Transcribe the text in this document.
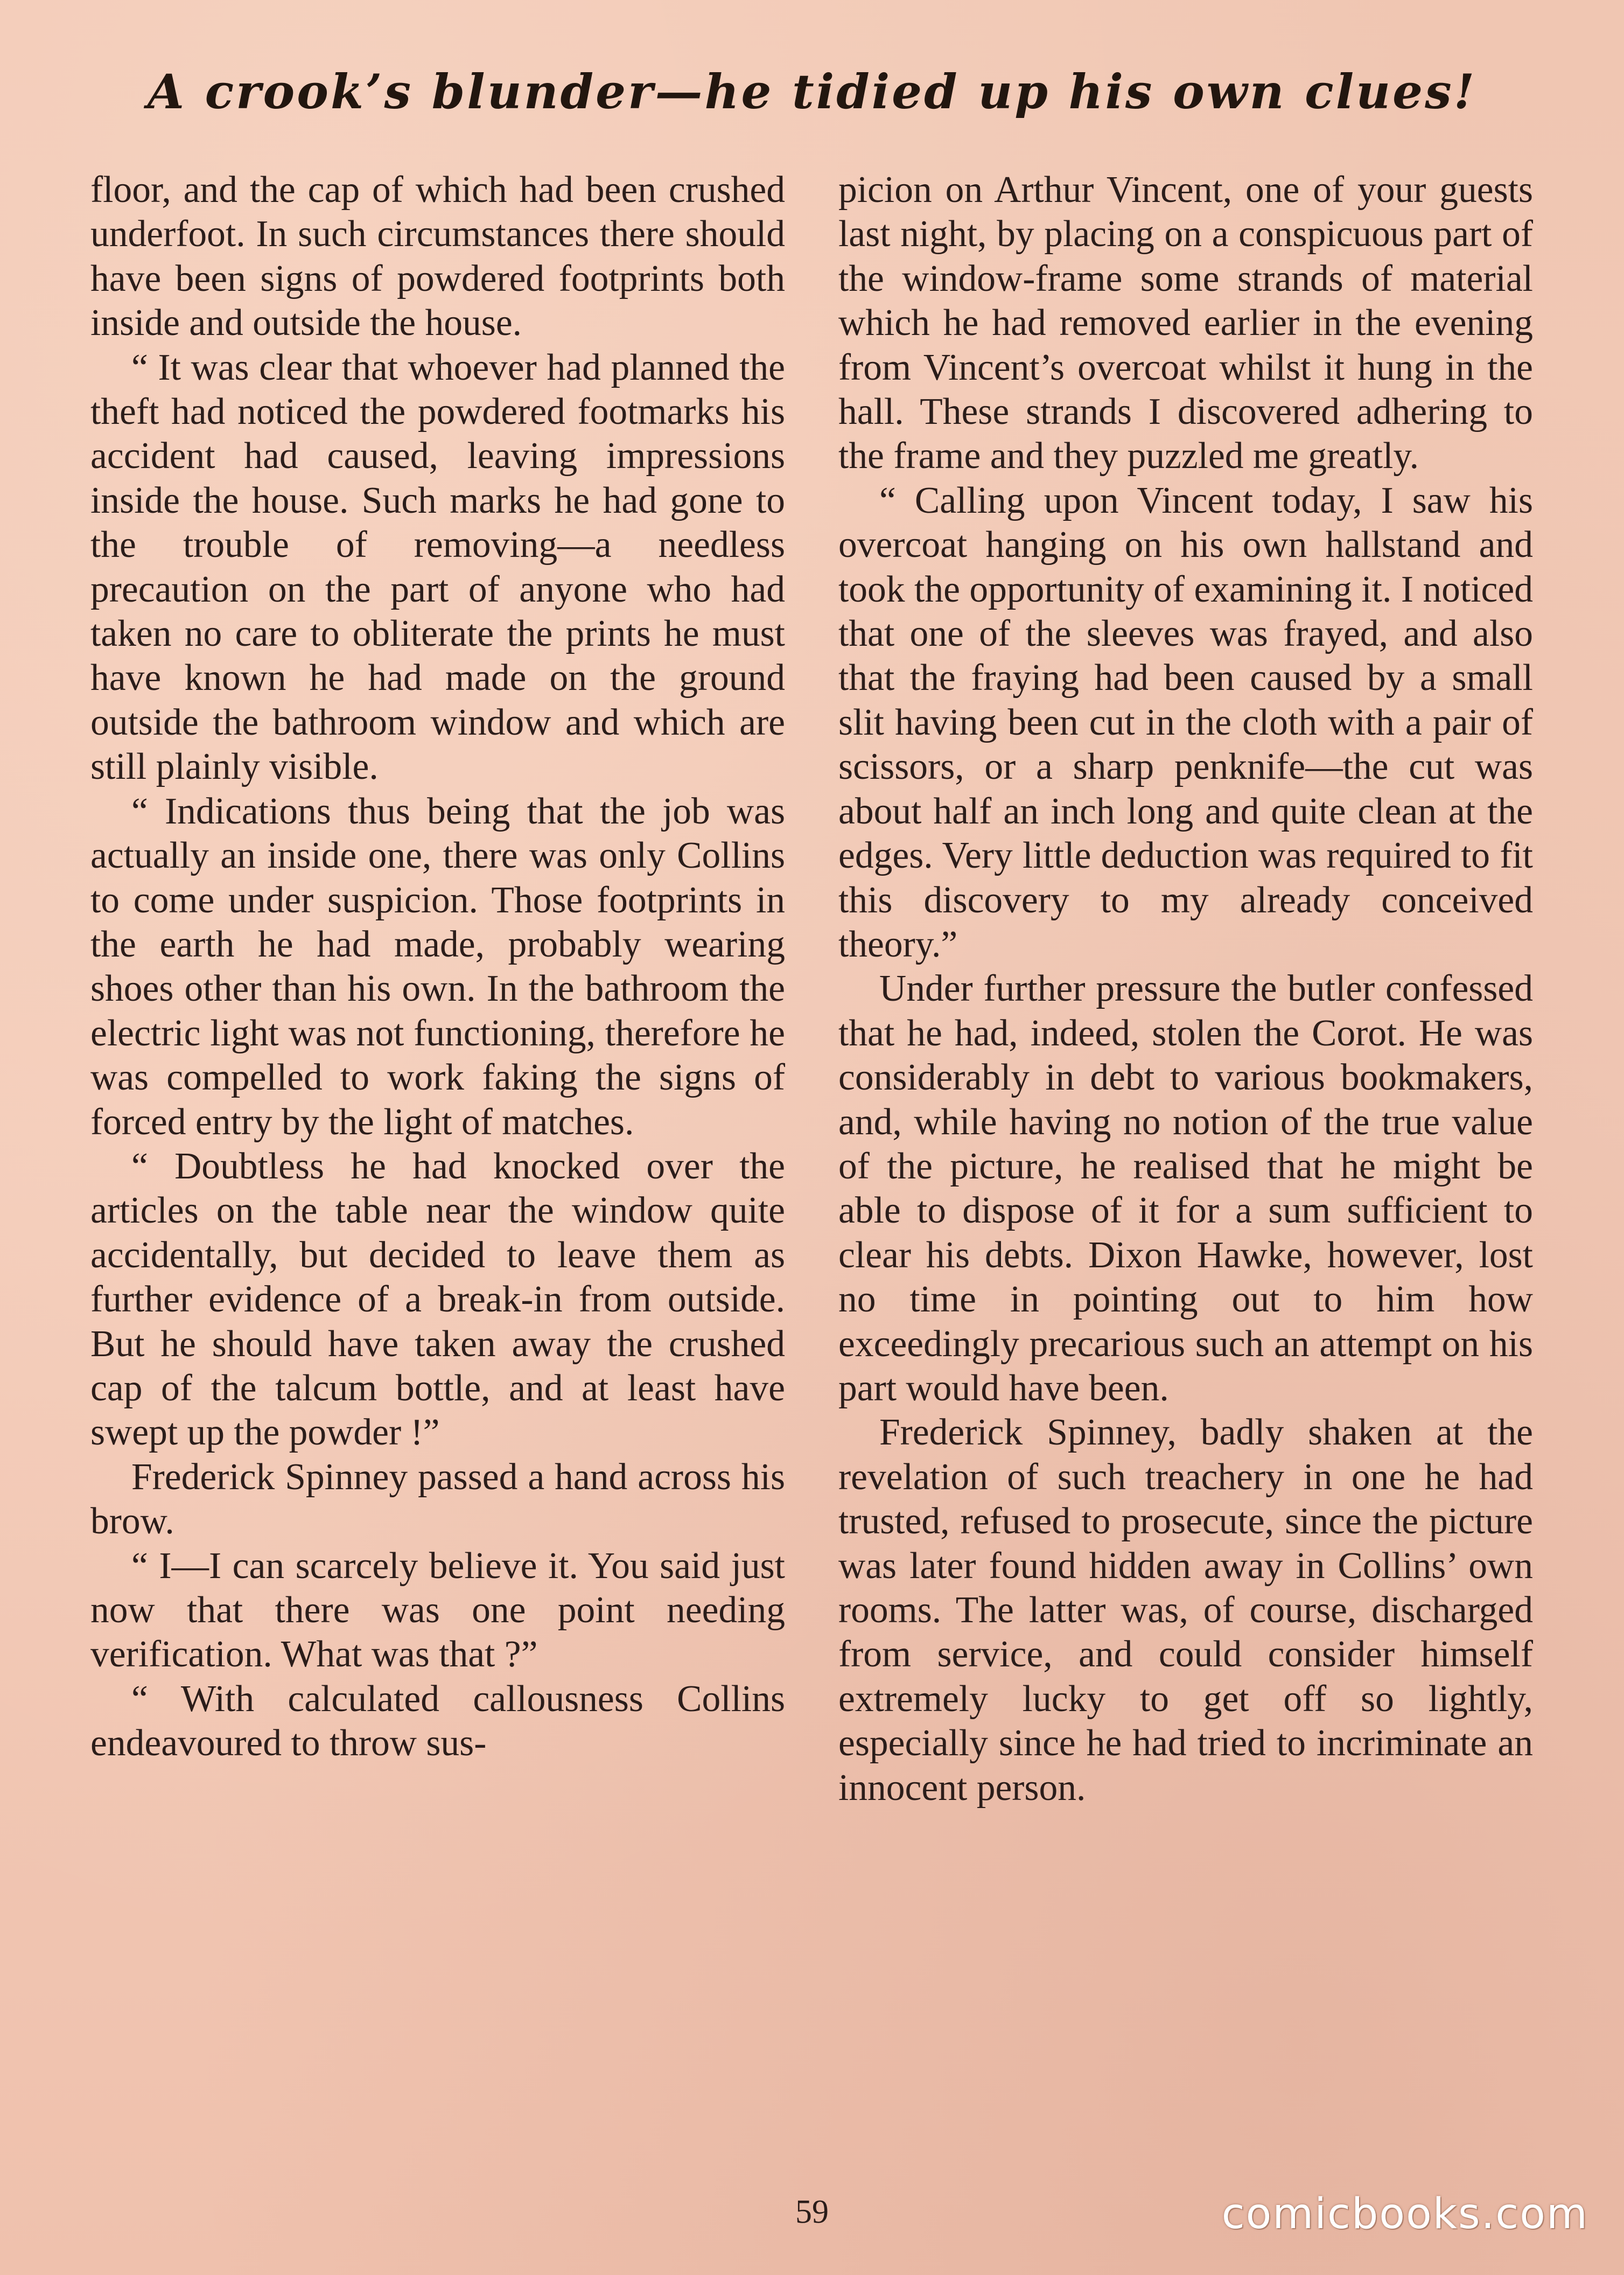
A crook’s blunder—he tidied up his own clues!

floor, and the cap of which had been crushed underfoot. In such circumstances there should have been signs of powdered footprints both inside and outside the house.

“ It was clear that whoever had planned the theft had noticed the powdered footmarks his accident had caused, leaving impressions inside the house. Such marks he had gone to the trouble of removing—a needless precaution on the part of anyone who had taken no care to obliterate the prints he must have known he had made on the ground outside the bathroom window and which are still plainly visible.

“ Indications thus being that the job was actually an inside one, there was only Collins to come under suspicion. Those footprints in the earth he had made, probably wearing shoes other than his own. In the bathroom the electric light was not functioning, therefore he was compelled to work faking the signs of forced entry by the light of matches.

“ Doubtless he had knocked over the articles on the table near the window quite accidentally, but decided to leave them as further evidence of a break-in from outside. But he should have taken away the crushed cap of the talcum bottle, and at least have swept up the powder !”

Frederick Spinney passed a hand across his brow.

“ I—I can scarcely believe it. You said just now that there was one point needing verification. What was that ?”

“ With calculated callousness Collins endeavoured to throw sus-

picion on Arthur Vincent, one of your guests last night, by placing on a conspicuous part of the window-frame some strands of material which he had removed earlier in the evening from Vincent’s overcoat whilst it hung in the hall. These strands I discovered adhering to the frame and they puzzled me greatly.

“ Calling upon Vincent today, I saw his overcoat hanging on his own hallstand and took the opportunity of examining it. I noticed that one of the sleeves was frayed, and also that the fraying had been caused by a small slit having been cut in the cloth with a pair of scissors, or a sharp penknife—the cut was about half an inch long and quite clean at the edges. Very little deduction was required to fit this discovery to my already conceived theory.”

Under further pressure the butler confessed that he had, indeed, stolen the Corot. He was considerably in debt to various bookmakers, and, while having no notion of the true value of the picture, he realised that he might be able to dispose of it for a sum sufficient to clear his debts. Dixon Hawke, however, lost no time in pointing out to him how exceedingly precarious such an attempt on his part would have been.

Frederick Spinney, badly shaken at the revelation of such treachery in one he had trusted, refused to prosecute, since the picture was later found hidden away in Collins’ own rooms. The latter was, of course, discharged from service, and could consider himself extremely lucky to get off so lightly, especially since he had tried to incriminate an innocent person.

59	comicbooks.com
